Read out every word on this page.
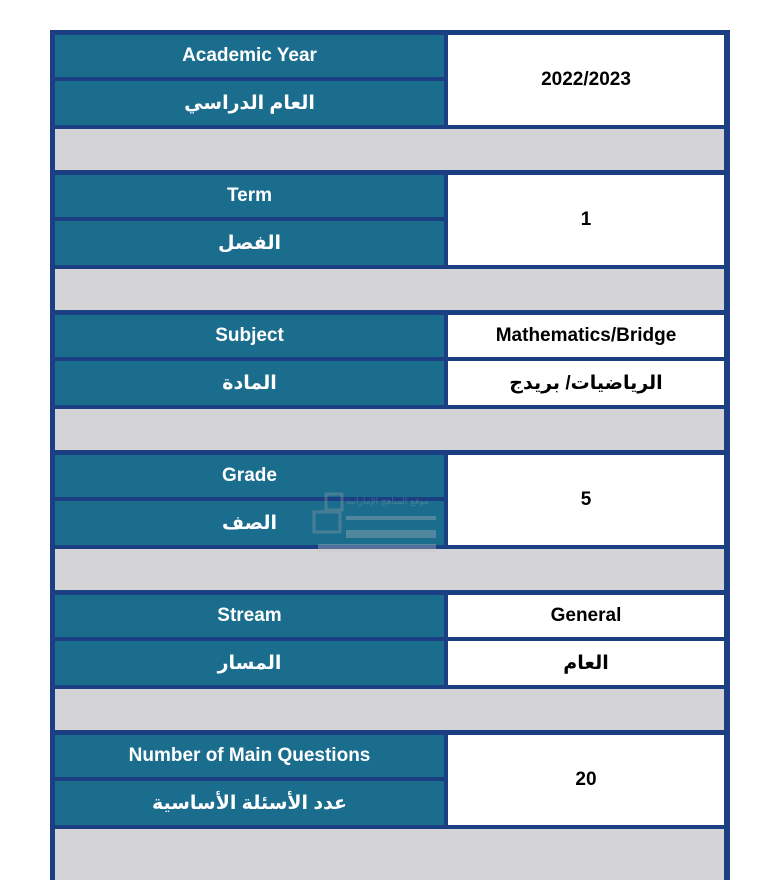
Academic Year
العام الدراسي
2022/2023
Term
الفصل
1
Subject
المادة
Mathematics/Bridge
الرياضيات/ بريدج
Grade
الصف
5
Stream
المسار
General
العام
Number of Main Questions
عدد الأسئلة الأساسية
20
موقع المناهج الإماراتية
